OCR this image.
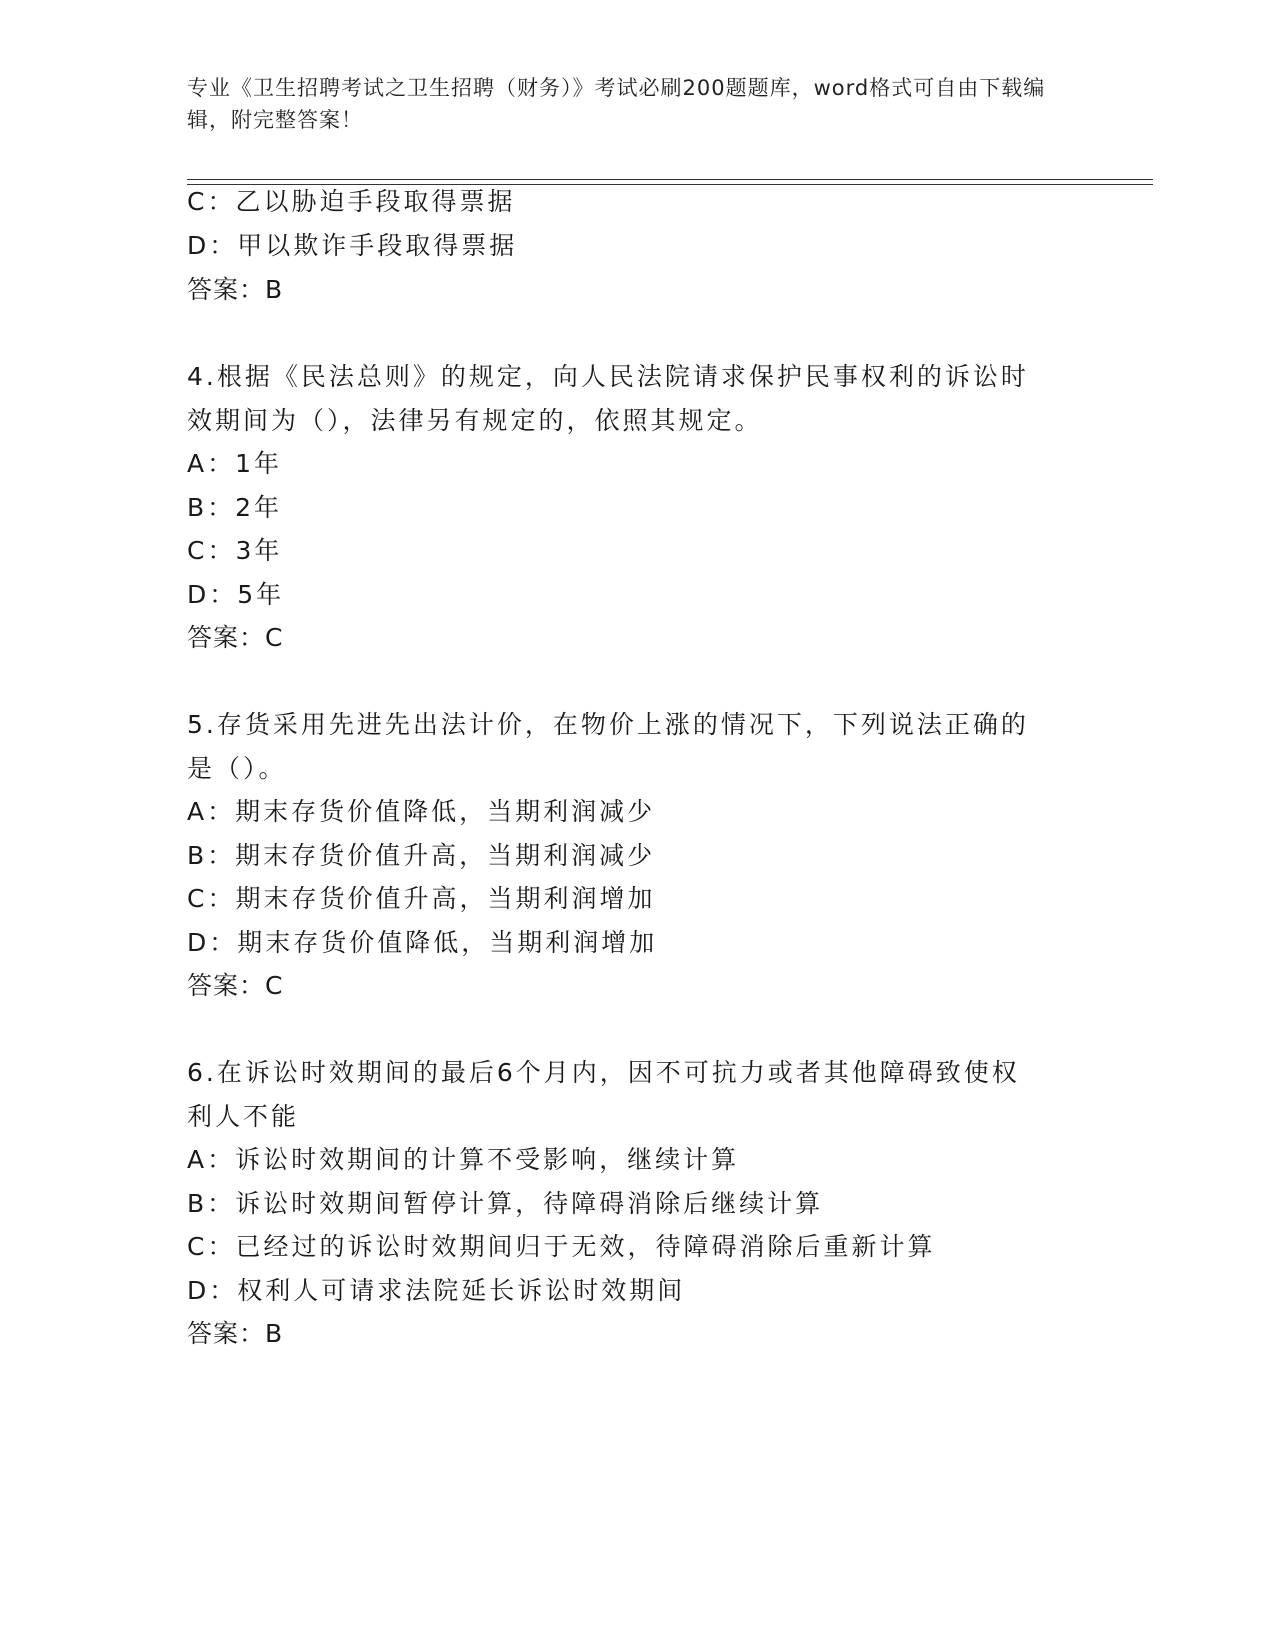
专业《卫生招聘考试之卫生招聘（财务）》考试必刷200题题库，word格式可自由下载编辑，附完整答案！
C：乙以胁迫手段取得票据
D：甲以欺诈手段取得票据
答案：B
4.根据《民法总则》的规定，向人民法院请求保护民事权利的诉讼时
效期间为（），法律另有规定的，依照其规定。
A：1年
B：2年
C：3年
D：5年
答案：C
5.存货采用先进先出法计价，在物价上涨的情况下，下列说法正确的
是（）。
A：期末存货价值降低，当期利润减少
B：期末存货价值升高，当期利润减少
C：期末存货价值升高，当期利润增加
D：期末存货价值降低，当期利润增加
答案：C
6.在诉讼时效期间的最后6个月内，因不可抗力或者其他障碍致使权
利人不能
A：诉讼时效期间的计算不受影响，继续计算
B：诉讼时效期间暂停计算，待障碍消除后继续计算
C：已经过的诉讼时效期间归于无效，待障碍消除后重新计算
D：权利人可请求法院延长诉讼时效期间
答案：B
